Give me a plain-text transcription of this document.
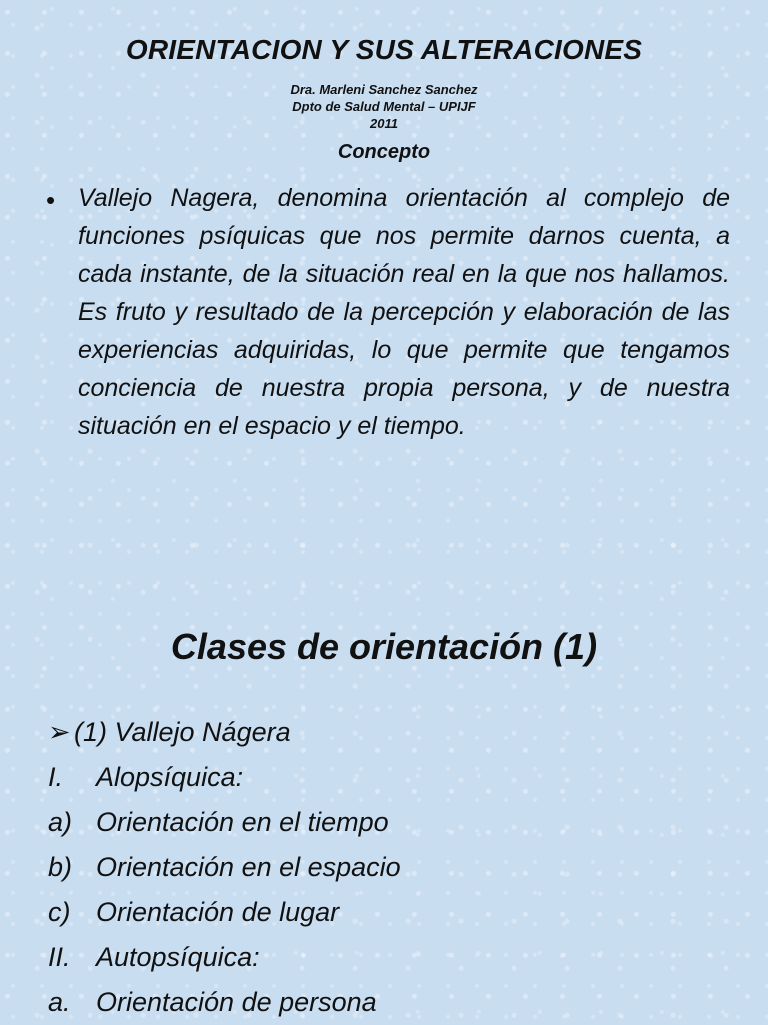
ORIENTACION Y SUS ALTERACIONES
Dra. Marleni Sanchez Sanchez
Dpto de Salud Mental – UPIJF
2011
Concepto
• Vallejo Nagera, denomina orientación al complejo de funciones psíquicas que nos permite darnos cuenta, a cada instante, de la situación real en la que nos hallamos. Es fruto y resultado de la percepción y elaboración de las experiencias adquiridas, lo que permite que tengamos conciencia de nuestra propia persona, y de nuestra situación en el espacio y el tiempo.
Clases de orientación (1)
➢ (1) Vallejo Nágera
I.	Alopsíquica:
a) Orientación en el tiempo
b) Orientación en el espacio
c) Orientación de lugar
II. Autopsíquica:
a. Orientación de persona
